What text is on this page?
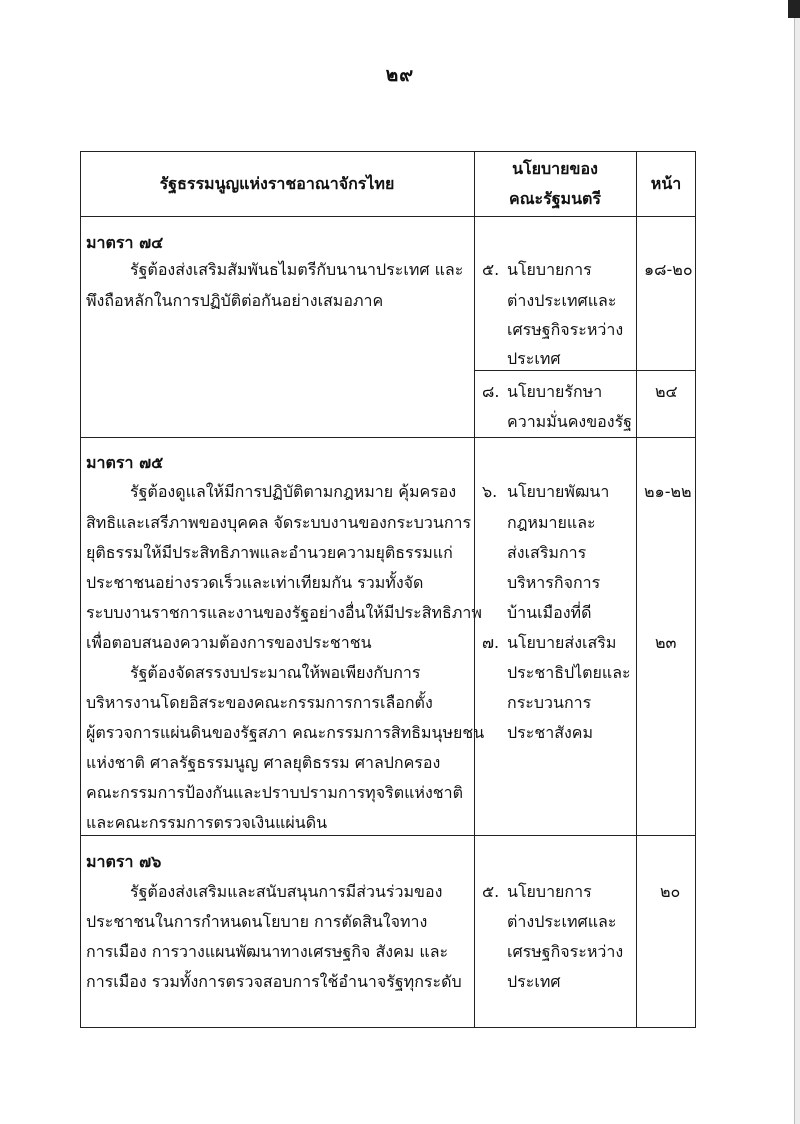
๒๙
รัฐธรรมนูญแห่งราชอาณาจักรไทย
นโยบายของ
คณะรัฐมนตรี
หน้า
มาตรา ๗๔
รัฐต้องส่งเสริมสัมพันธไมตรีกับนานาประเทศ และ
พึงถือหลักในการปฏิบัติต่อกันอย่างเสมอภาค
๕. นโยบายการ
ต่างประเทศและ
เศรษฐกิจระหว่าง
ประเทศ
๑๘-๒๐
๘. นโยบายรักษา
ความมั่นคงของรัฐ
๒๔
มาตรา ๗๕
รัฐต้องดูแลให้มีการปฏิบัติตามกฎหมาย คุ้มครอง
สิทธิและเสรีภาพของบุคคล จัดระบบงานของกระบวนการ
ยุติธรรมให้มีประสิทธิภาพและอำนวยความยุติธรรมแก่
ประชาชนอย่างรวดเร็วและเท่าเทียมกัน รวมทั้งจัด
ระบบงานราชการและงานของรัฐอย่างอื่นให้มีประสิทธิภาพ
เพื่อตอบสนองความต้องการของประชาชน
รัฐต้องจัดสรรงบประมาณให้พอเพียงกับการ
บริหารงานโดยอิสระของคณะกรรมการการเลือกตั้ง
ผู้ตรวจการแผ่นดินของรัฐสภา คณะกรรมการสิทธิมนุษยชน
แห่งชาติ ศาลรัฐธรรมนูญ ศาลยุติธรรม ศาลปกครอง
คณะกรรมการป้องกันและปราบปรามการทุจริตแห่งชาติ
และคณะกรรมการตรวจเงินแผ่นดิน
๖. นโยบายพัฒนา
กฎหมายและ
ส่งเสริมการ
บริหารกิจการ
บ้านเมืองที่ดี
๒๑-๒๒
๗. นโยบายส่งเสริม
ประชาธิปไตยและ
กระบวนการ
ประชาสังคม
๒๓
มาตรา ๗๖
รัฐต้องส่งเสริมและสนับสนุนการมีส่วนร่วมของ
ประชาชนในการกำหนดนโยบาย การตัดสินใจทาง
การเมือง การวางแผนพัฒนาทางเศรษฐกิจ สังคม และ
การเมือง รวมทั้งการตรวจสอบการใช้อำนาจรัฐทุกระดับ
๕. นโยบายการ
ต่างประเทศและ
เศรษฐกิจระหว่าง
ประเทศ
๒๐
